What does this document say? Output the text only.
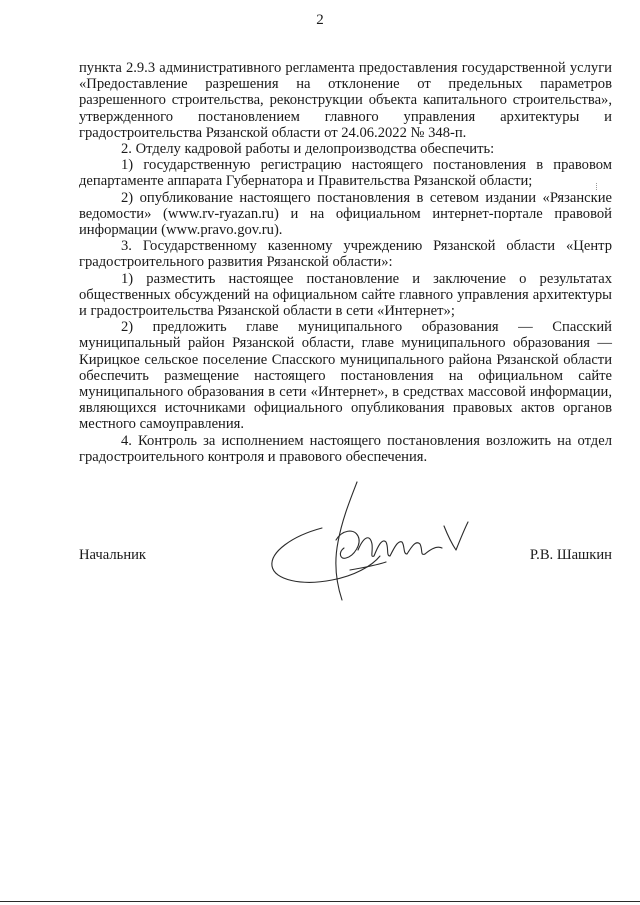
2

пункта 2.9.3 административного регламента предоставления государственной услуги «Предоставление разрешения на отклонение от предельных параметров разрешенного строительства, реконструкции объекта капитального строительства», утвержденного постановлением главного управления архитектуры и градостроительства Рязанской области от 24.06.2022 № 348-п.

2. Отделу кадровой работы и делопроизводства обеспечить:

1) государственную регистрацию настоящего постановления в правовом департаменте аппарата Губернатора и Правительства Рязанской области;

2) опубликование настоящего постановления в сетевом издании «Рязанские ведомости» (www.rv-ryazan.ru) и на официальном интернет-портале правовой информации (www.pravo.gov.ru).

3. Государственному казенному учреждению Рязанской области «Центр градостроительного развития Рязанской области»:

1) разместить настоящее постановление и заключение о результатах общественных обсуждений на официальном сайте главного управления архитектуры и градостроительства Рязанской области в сети «Интернет»;

2) предложить главе муниципального образования — Спасский муниципальный район Рязанской области, главе муниципального образования — Кирицкое сельское поселение Спасского муниципального района Рязанской области обеспечить размещение настоящего постановления на официальном сайте муниципального образования в сети «Интернет», в средствах массовой информации, являющихся источниками официального опубликования правовых актов органов местного самоуправления.

4. Контроль за исполнением настоящего постановления возложить на отдел градостроительного контроля и правового обеспечения.

Начальник	Р.В. Шашкин
